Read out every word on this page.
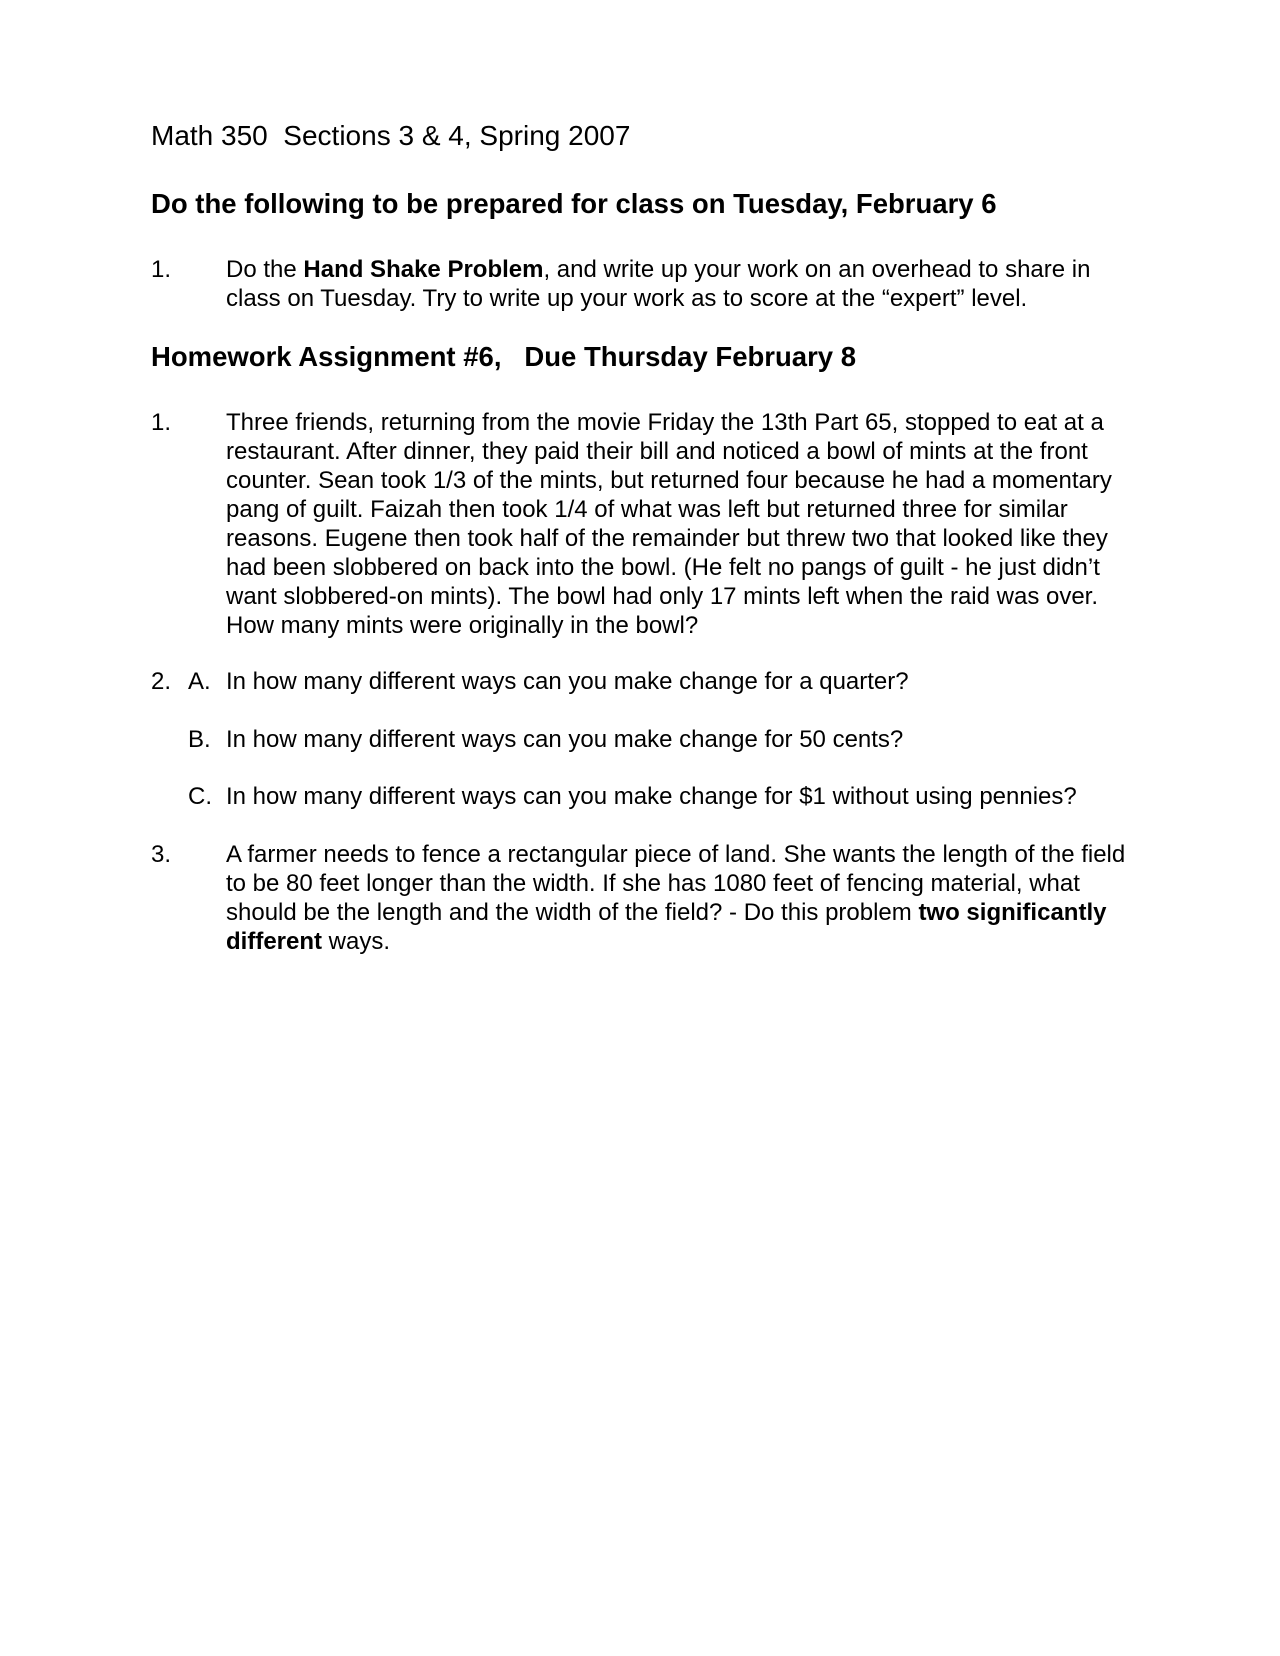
Math 350  Sections 3 & 4, Spring 2007
Do the following to be prepared for class on Tuesday, February 6
1. Do the Hand Shake Problem, and write up your work on an overhead to share in class on Tuesday. Try to write up your work as to score at the “expert” level.
Homework Assignment #6,   Due Thursday February 8
1. Three friends, returning from the movie Friday the 13th Part 65, stopped to eat at a restaurant. After dinner, they paid their bill and noticed a bowl of mints at the front counter. Sean took 1/3 of the mints, but returned four because he had a momentary pang of guilt. Faizah then took 1/4 of what was left but returned three for similar reasons. Eugene then took half of the remainder but threw two that looked like they had been slobbered on back into the bowl. (He felt no pangs of guilt - he just didn’t want slobbered-on mints). The bowl had only 17 mints left when the raid was over. How many mints were originally in the bowl?
2. A. In how many different ways can you make change for a quarter?
B. In how many different ways can you make change for 50 cents?
C. In how many different ways can you make change for $1 without using pennies?
3. A farmer needs to fence a rectangular piece of land. She wants the length of the field to be 80 feet longer than the width. If she has 1080 feet of fencing material, what should be the length and the width of the field? - Do this problem two significantly different ways.
